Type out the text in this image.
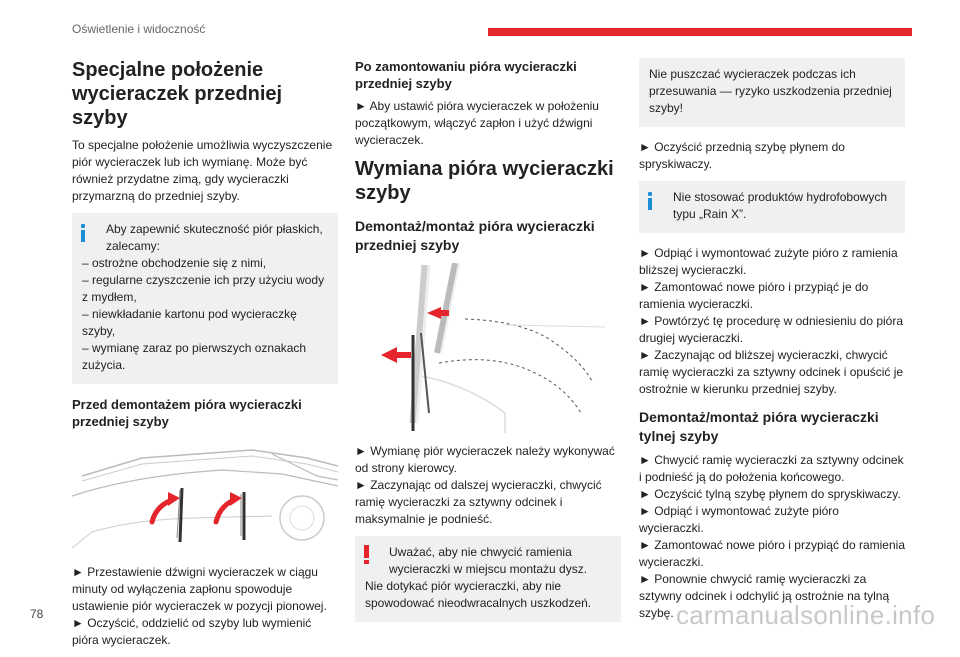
Oświetlenie i widoczność
Specjalne położenie wycieraczek przedniej szyby

To specjalne położenie umożliwia wyczyszczenie piór wycieraczek lub ich wymianę. Może być również przydatne zimą, gdy wycieraczki przymarzną do przedniej szyby.

Aby zapewnić skuteczność piór płaskich, zalecamy:
– ostrożne obchodzenie się z nimi,
– regularne czyszczenie ich przy użyciu wody z mydłem,
– niewkładanie kartonu pod wycieraczkę szyby,
– wymianę zaraz po pierwszych oznakach zużycia.
Przed demontażem pióra wycieraczki przedniej szyby

► Przestawienie dźwigni wycieraczek w ciągu minuty od wyłączenia zapłonu spowoduje ustawienie piór wycieraczek w pozycji pionowej.
► Oczyścić, oddzielić od szyby lub wymienić pióra wycieraczek.

Po zamontowaniu pióra wycieraczki przedniej szyby

► Aby ustawić pióra wycieraczek w położeniu początkowym, włączyć zapłon i użyć dźwigni wycieraczek.

Wymiana pióra wycieraczki szyby
Demontaż/montaż pióra wycieraczki przedniej szyby

► Wymianę piór wycieraczek należy wykonywać od strony kierowcy.
► Zaczynając od dalszej wycieraczki, chwycić ramię wycieraczki za sztywny odcinek i maksymalnie je podnieść.

Uważać, aby nie chwycić ramienia wycieraczki w miejscu montażu dysz.
Nie dotykać piór wycieraczki, aby nie spowodować nieodwracalnych uszkodzeń.
Nie puszczać wycieraczek podczas ich przesuwania — ryzyko uszkodzenia przedniej szyby!

► Oczyścić przednią szybę płynem do spryskiwaczy.

Nie stosować produktów hydrofobowych typu „Rain X”.

► Odpiąć i wymontować zużyte pióro z ramienia bliższej wycieraczki.
► Zamontować nowe pióro i przypiąć je do ramienia wycieraczki.
► Powtórzyć tę procedurę w odniesieniu do pióra drugiej wycieraczki.
► Zaczynając od bliższej wycieraczki, chwycić ramię wycieraczki za sztywny odcinek i opuścić je ostrożnie w kierunku przedniej szyby.

Demontaż/montaż pióra wycieraczki tylnej szyby

► Chwycić ramię wycieraczki za sztywny odcinek i podnieść ją do położenia końcowego.
► Oczyścić tylną szybę płynem do spryskiwaczy.
► Odpiąć i wymontować zużyte pióro wycieraczki.
► Zamontować nowe pióro i przypiąć do ramienia wycieraczki.
► Ponownie chwycić ramię wycieraczki za sztywny odcinek i odchylić ją ostrożnie na tylną szybę.

78	carmanualsonline.info
